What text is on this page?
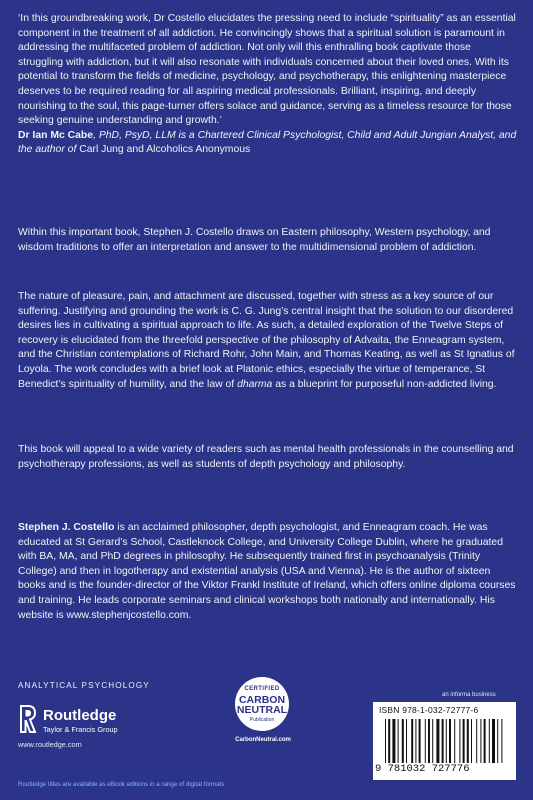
‘In this groundbreaking work, Dr Costello elucidates the pressing need to include “spirituality” as an essential component in the treatment of all addiction. He convincingly shows that a spiritual solution is paramount in addressing the multifaceted problem of addiction. Not only will this enthralling book captivate those struggling with addiction, but it will also resonate with individuals concerned about their loved ones. With its potential to transform the fields of medicine, psychology, and psychotherapy, this enlightening masterpiece deserves to be required reading for all aspiring medical professionals. Brilliant, inspiring, and deeply nourishing to the soul, this page-turner offers solace and guidance, serving as a timeless resource for those seeking genuine understanding and growth.’
Dr Ian Mc Cabe, PhD, PsyD, LLM is a Chartered Clinical Psychologist, Child and Adult Jungian Analyst, and the author of Carl Jung and Alcoholics Anonymous

Within this important book, Stephen J. Costello draws on Eastern philosophy, Western psychology, and wisdom traditions to offer an interpretation and answer to the multidimensional problem of addiction.

The nature of pleasure, pain, and attachment are discussed, together with stress as a key source of our suffering. Justifying and grounding the work is C. G. Jung’s central insight that the solution to our disordered desires lies in cultivating a spiritual approach to life. As such, a detailed exploration of the Twelve Steps of recovery is elucidated from the threefold perspective of the philosophy of Advaita, the Enneagram system, and the Christian contemplations of Richard Rohr, John Main, and Thomas Keating, as well as St Ignatius of Loyola. The work concludes with a brief look at Platonic ethics, especially the virtue of temperance, St Benedict’s spirituality of humility, and the law of dharma as a blueprint for purposeful non-addicted living.

This book will appeal to a wide variety of readers such as mental health professionals in the counselling and psychotherapy professions, as well as students of depth psychology and philosophy.

Stephen J. Costello is an acclaimed philosopher, depth psychologist, and Enneagram coach. He was educated at St Gerard’s School, Castleknock College, and University College Dublin, where he graduated with BA, MA, and PhD degrees in philosophy. He subsequently trained first in psychoanalysis (Trinity College) and then in logotherapy and existential analysis (USA and Vienna). He is the author of sixteen books and is the founder-director of the Viktor Frankl Institute of Ireland, which offers online diploma courses and training. He leads corporate seminars and clinical workshops both nationally and internationally. His website is www.stephenjcostello.com.

ANALYTICAL PSYCHOLOGY
Routledge
Taylor & Francis Group
www.routledge.com
CERTIFIED
CARBON NEUTRAL
Publication
CarbonNeutral.com
an informa business
ISBN 978-1-032-72777-6
9 781032 727776
Routledge titles are available as eBook editions in a range of digital formats
